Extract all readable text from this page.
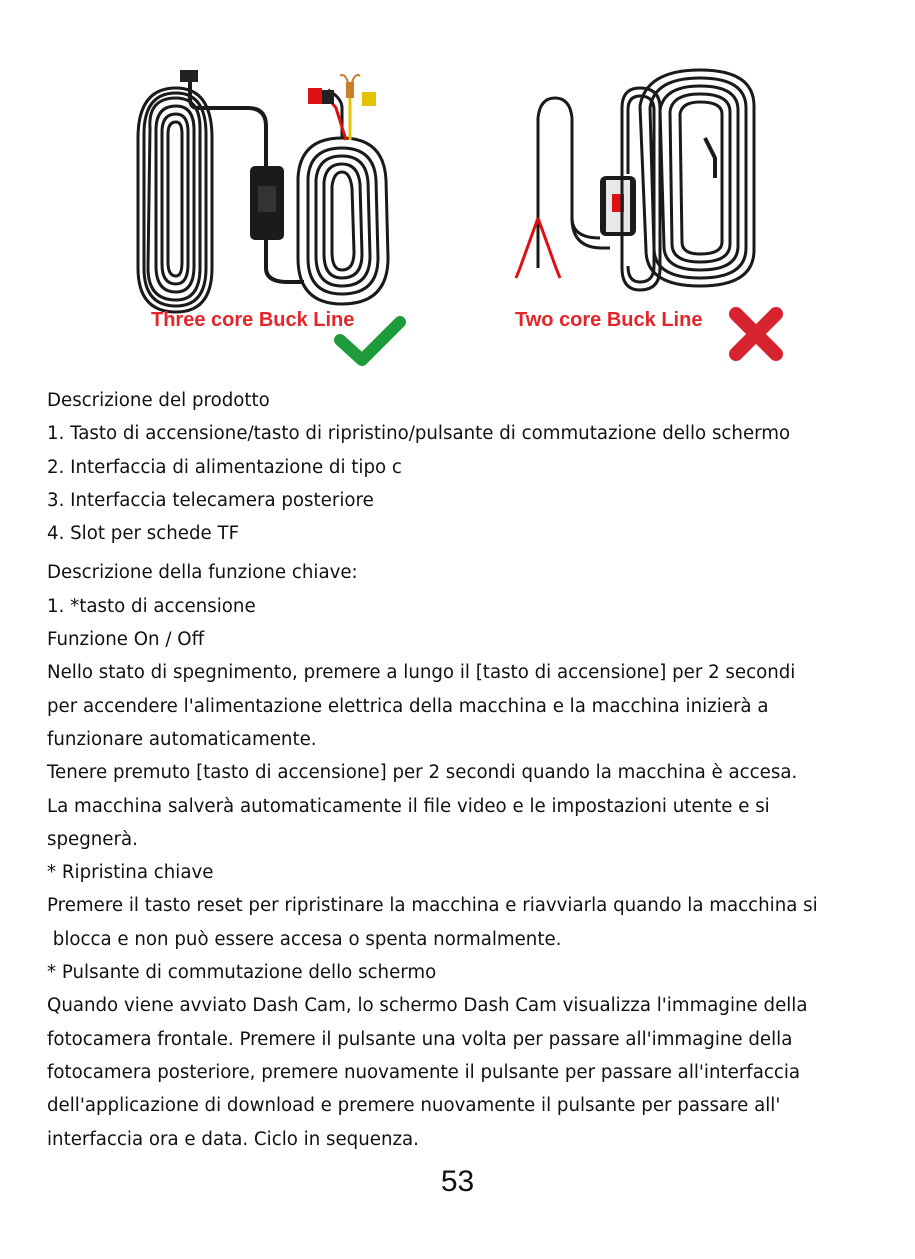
Three core Buck Line	Two core Buck Line
Descrizione del prodotto
1. Tasto di accensione/tasto di ripristino/pulsante di commutazione dello schermo
2. Interfaccia di alimentazione di tipo c
3. Interfaccia telecamera posteriore
4. Slot per schede TF
Descrizione della funzione chiave:
1. *tasto di accensione
Funzione On / Off
Nello stato di spegnimento, premere a lungo il [tasto di accensione] per 2 secondi
per accendere l'alimentazione elettrica della macchina e la macchina inizierà a
funzionare automaticamente.
Tenere premuto [tasto di accensione] per 2 secondi quando la macchina è accesa.
La macchina salverà automaticamente il file video e le impostazioni utente e si
spegnerà.
* Ripristina chiave
Premere il tasto reset per ripristinare la macchina e riavviarla quando la macchina si
blocca e non può essere accesa o spenta normalmente.
* Pulsante di commutazione dello schermo
Quando viene avviato Dash Cam, lo schermo Dash Cam visualizza l'immagine della
fotocamera frontale. Premere il pulsante una volta per passare all'immagine della
fotocamera posteriore, premere nuovamente il pulsante per passare all'interfaccia
dell'applicazione di download e premere nuovamente il pulsante per passare all'
interfaccia ora e data. Ciclo in sequenza.
53
